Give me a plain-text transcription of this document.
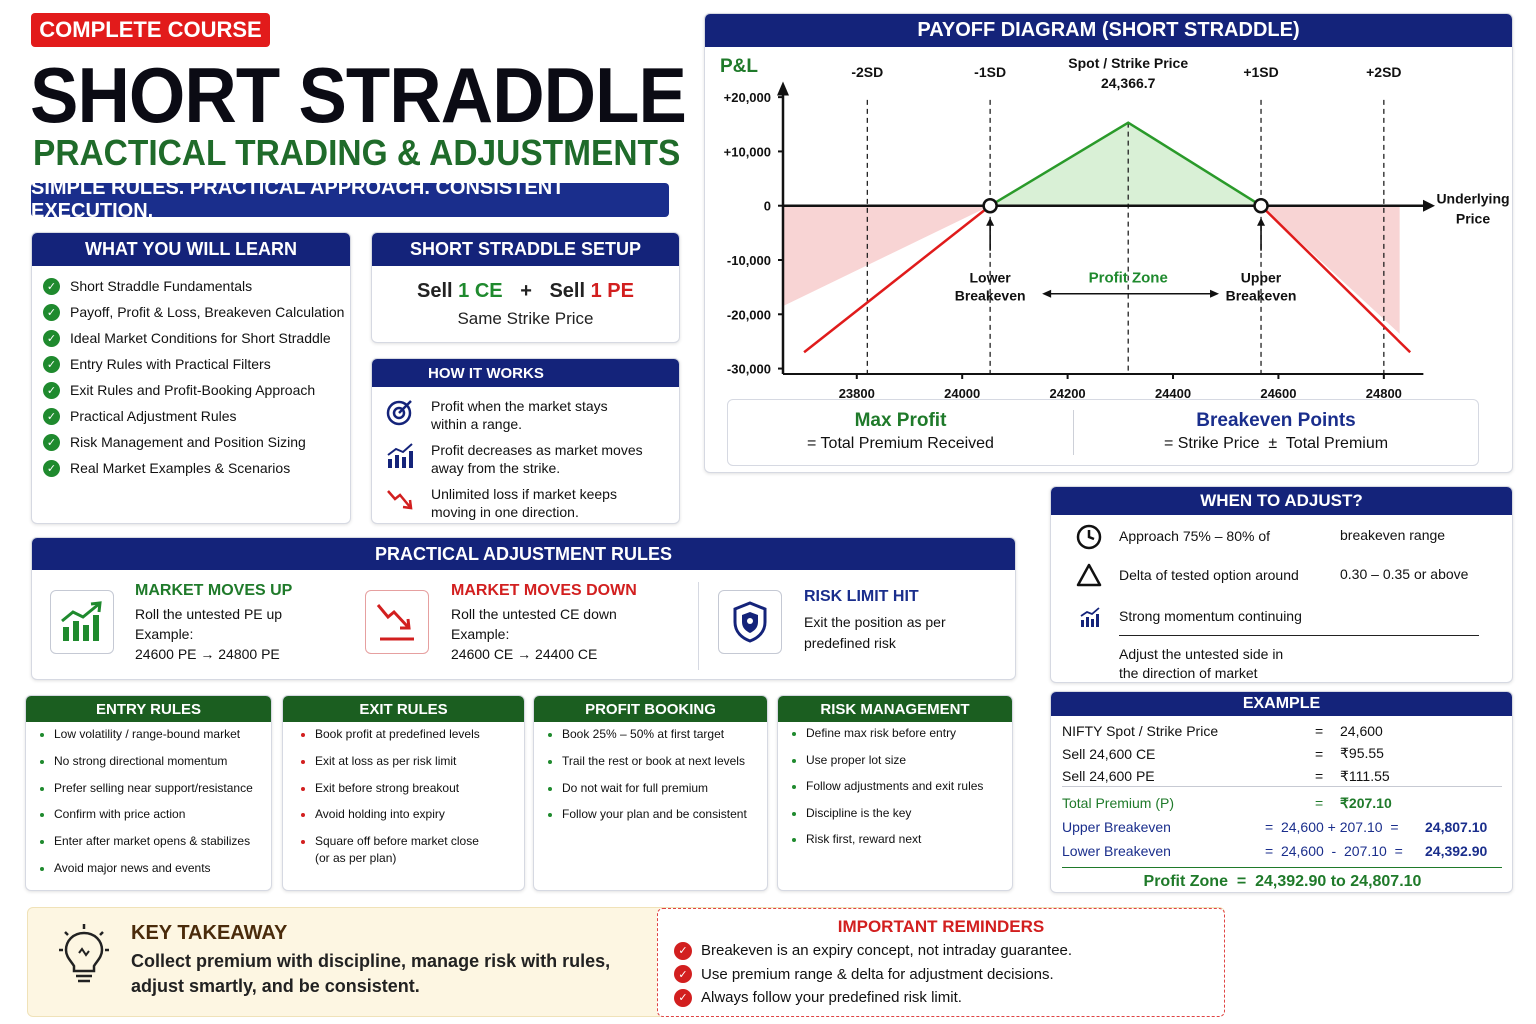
COMPLETE COURSE
SHORT STRADDLE
PRACTICAL TRADING & ADJUSTMENTS
SIMPLE RULES. PRACTICAL APPROACH. CONSISTENT EXECUTION.
WHAT YOU WILL LEARN
✓ Short Straddle Fundamentals
✓ Payoff, Profit & Loss, Breakeven Calculation
✓ Ideal Market Conditions for Short Straddle
✓ Entry Rules with Practical Filters
✓ Exit Rules and Profit-Booking Approach
✓ Practical Adjustment Rules
✓ Risk Management and Position Sizing
✓ Real Market Examples & Scenarios
SHORT STRADDLE SETUP
Sell 1 CE + Sell 1 PE
Same Strike Price
HOW IT WORKS
Profit when the market stays within a range.
Profit decreases as market moves away from the strike.
Unlimited loss if market keeps moving in one direction.
PAYOFF DIAGRAM (SHORT STRADDLE)
-2SD	-1SD	+1SD	+2SD
Spot / Strike Price
24,366.7
Underlying
Price
P&L
+20,000
+10,000
0
-10,000
-20,000
-30,000
23800	24000	24200	24400	24600	24800
Lower
Breakeven
Upper
Breakeven
Profit Zone
Max Profit
= Total Premium Received
Breakeven Points
= Strike Price  ±  Total Premium
PRACTICAL ADJUSTMENT RULES
MARKET MOVES UP
Roll the untested PE up
Example:
24600 PE → 24800 PE
MARKET MOVES DOWN
Roll the untested CE down
Example:
24600 CE → 24400 CE
RISK LIMIT HIT
Exit the position as per
predefined risk
WHEN TO ADJUST?
Approach 75% – 80% of	breakeven range
Delta of tested option around	0.30 – 0.35 or above
Strong momentum continuing
Adjust the untested side in
the direction of market
ENTRY RULES
Low volatility / range-bound market
No strong directional momentum
Prefer selling near support/resistance
Confirm with price action
Enter after market opens & stabilizes
Avoid major news and events
EXIT RULES
Book profit at predefined levels
Exit at loss as per risk limit
Exit before strong breakout
Avoid holding into expiry
Square off before market close (or as per plan)
PROFIT BOOKING
Book 25% – 50% at first target
Trail the rest or book at next levels
Do not wait for full premium
Follow your plan and be consistent
RISK MANAGEMENT
Define max risk before entry
Use proper lot size
Follow adjustments and exit rules
Discipline is the key
Risk first, reward next
EXAMPLE
NIFTY Spot / Strike Price	=	24,600
Sell 24,600 CE	=	₹95.55
Sell 24,600 PE	=	₹111.55
Total Premium (P)	=	₹207.10
Upper Breakeven	=  24,600 + 207.10  =	24,807.10
Lower Breakeven	=  24,600  -  207.10  =	24,392.90
Profit Zone  =  24,392.90 to 24,807.10
KEY TAKEAWAY
Collect premium with discipline, manage risk with rules,
adjust smartly, and be consistent.
IMPORTANT REMINDERS
✓ Breakeven is an expiry concept, not intraday guarantee.
✓ Use premium range & delta for adjustment decisions.
✓ Always follow your predefined risk limit.
